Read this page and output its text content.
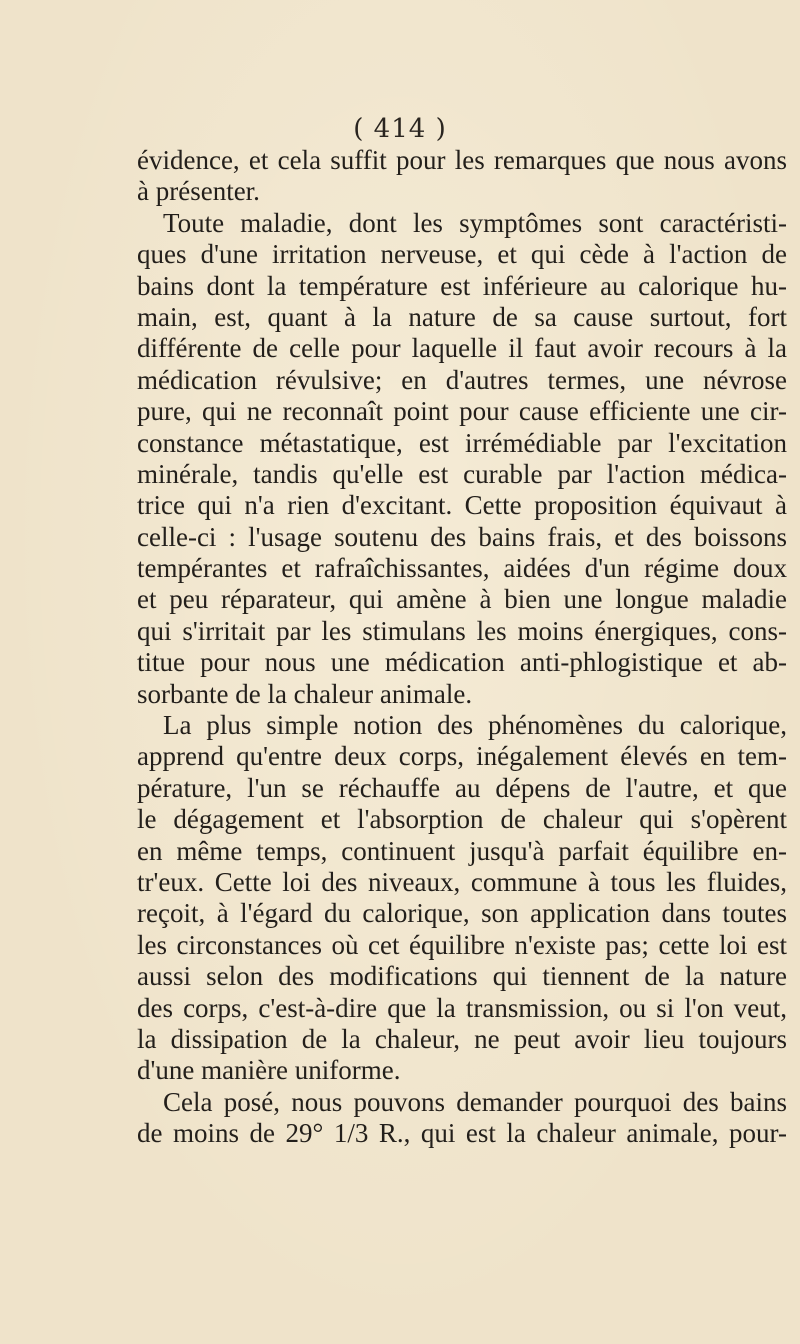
( 414 )
évidence, et cela suffit pour les remarques que nous avons
à présenter.
Toute maladie, dont les symptômes sont caractéristi-
ques d'une irritation nerveuse, et qui cède à l'action de
bains dont la température est inférieure au calorique hu-
main, est, quant à la nature de sa cause surtout, fort
différente de celle pour laquelle il faut avoir recours à la
médication révulsive; en d'autres termes, une névrose
pure, qui ne reconnaît point pour cause efficiente une cir-
constance métastatique, est irrémédiable par l'excitation
minérale, tandis qu'elle est curable par l'action médica-
trice qui n'a rien d'excitant. Cette proposition équivaut à
celle-ci : l'usage soutenu des bains frais, et des boissons
tempérantes et rafraîchissantes, aidées d'un régime doux
et peu réparateur, qui amène à bien une longue maladie
qui s'irritait par les stimulans les moins énergiques, cons-
titue pour nous une médication anti-phlogistique et ab-
sorbante de la chaleur animale.
La plus simple notion des phénomènes du calorique,
apprend qu'entre deux corps, inégalement élevés en tem-
pérature, l'un se réchauffe au dépens de l'autre, et que
le dégagement et l'absorption de chaleur qui s'opèrent
en même temps, continuent jusqu'à parfait équilibre en-
tr'eux. Cette loi des niveaux, commune à tous les fluides,
reçoit, à l'égard du calorique, son application dans toutes
les circonstances où cet équilibre n'existe pas; cette loi est
aussi selon des modifications qui tiennent de la nature
des corps, c'est-à-dire que la transmission, ou si l'on veut,
la dissipation de la chaleur, ne peut avoir lieu toujours
d'une manière uniforme.
Cela posé, nous pouvons demander pourquoi des bains
de moins de 29° 1/3 R., qui est la chaleur animale, pour-
